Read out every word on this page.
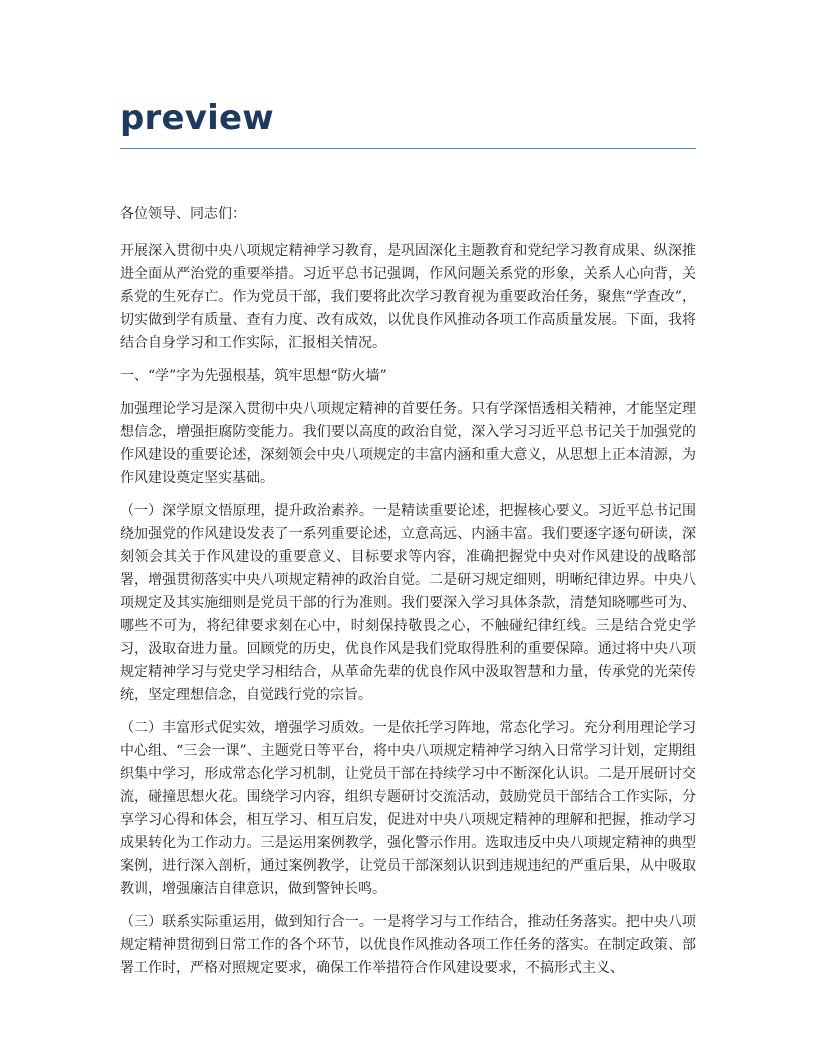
preview

各位领导、同志们：

开展深入贯彻中央八项规定精神学习教育，是巩固深化主题教育和党纪学习教育成果、纵深推进全面从严治党的重要举措。习近平总书记强调，作风问题关系党的形象，关系人心向背，关系党的生死存亡。作为党员干部，我们要将此次学习教育视为重要政治任务，聚焦“学查改”，切实做到学有质量、查有力度、改有成效，以优良作风推动各项工作高质量发展。下面，我将结合自身学习和工作实际，汇报相关情况。

一、“学”字为先强根基，筑牢思想“防火墙”

加强理论学习是深入贯彻中央八项规定精神的首要任务。只有学深悟透相关精神，才能坚定理想信念，增强拒腐防变能力。我们要以高度的政治自觉，深入学习习近平总书记关于加强党的作风建设的重要论述，深刻领会中央八项规定的丰富内涵和重大意义，从思想上正本清源，为作风建设奠定坚实基础。

（一）深学原文悟原理，提升政治素养。一是精读重要论述，把握核心要义。习近平总书记围绕加强党的作风建设发表了一系列重要论述，立意高远、内涵丰富。我们要逐字逐句研读，深刻领会其关于作风建设的重要意义、目标要求等内容，准确把握党中央对作风建设的战略部署，增强贯彻落实中央八项规定精神的政治自觉。二是研习规定细则，明晰纪律边界。中央八项规定及其实施细则是党员干部的行为准则。我们要深入学习具体条款，清楚知晓哪些可为、哪些不可为，将纪律要求刻在心中，时刻保持敬畏之心，不触碰纪律红线。三是结合党史学习，汲取奋进力量。回顾党的历史，优良作风是我们党取得胜利的重要保障。通过将中央八项规定精神学习与党史学习相结合，从革命先辈的优良作风中汲取智慧和力量，传承党的光荣传统，坚定理想信念，自觉践行党的宗旨。

（二）丰富形式促实效，增强学习质效。一是依托学习阵地，常态化学习。充分利用理论学习中心组、“三会一课”、主题党日等平台，将中央八项规定精神学习纳入日常学习计划，定期组织集中学习，形成常态化学习机制，让党员干部在持续学习中不断深化认识。二是开展研讨交流，碰撞思想火花。围绕学习内容，组织专题研讨交流活动，鼓励党员干部结合工作实际，分享学习心得和体会，相互学习、相互启发，促进对中央八项规定精神的理解和把握，推动学习成果转化为工作动力。三是运用案例教学，强化警示作用。选取违反中央八项规定精神的典型案例，进行深入剖析，通过案例教学，让党员干部深刻认识到违规违纪的严重后果，从中吸取教训，增强廉洁自律意识，做到警钟长鸣。

（三）联系实际重运用，做到知行合一。一是将学习与工作结合，推动任务落实。把中央八项规定精神贯彻到日常工作的各个环节，以优良作风推动各项工作任务的落实。在制定政策、部署工作时，严格对照规定要求，确保工作举措符合作风建设要求，不搞形式主义、
